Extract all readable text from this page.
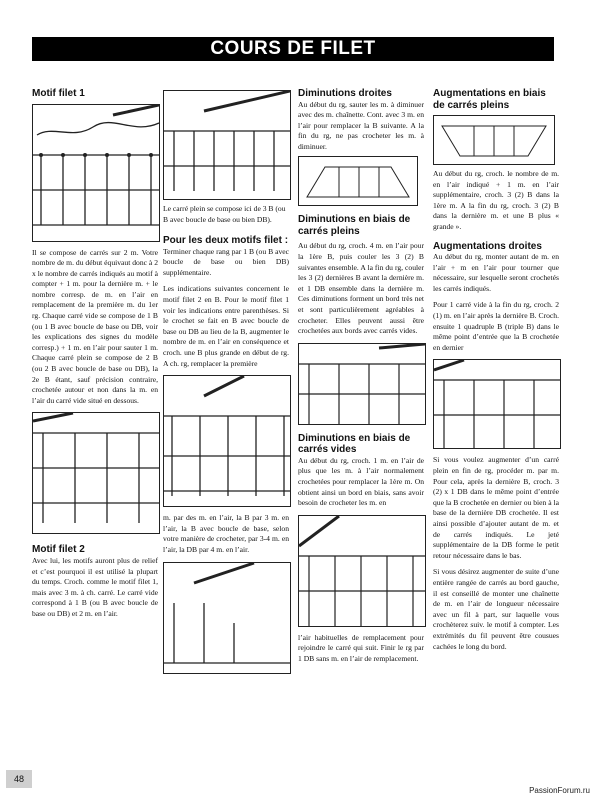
COURS DE FILET
Motif filet 1

Il se compose de carrés sur 2 m. Votre nombre de m. du début équivaut donc à 2 x le nombre de carrés indiqués au motif à compter + 1 m. pour la dernière m. + le nombre corresp. de m. en l’air en remplacement de la première m. du 1er rg. Chaque carré vide se compose de 1 B (ou 1 B avec boucle de base ou DB, voir les explications des signes du modèle corresp.) + 1 m. en l’air pour sauter 1 m. Chaque carré plein se compose de 2 B (ou 2 B avec boucle de base ou DB), la 2e B étant, sauf précision contraire, crochetée autour et non dans la m. en l’air du carré vide situé en dessous.

Motif filet 2

Avec lui, les motifs auront plus de relief et c’est pourquoi il est utilisé la plupart du temps. Croch. comme le motif filet 1, mais avec 3 m. à ch. carré. Le carré vide correspond à 1 B (ou B avec boucle de base ou DB) et 2 m. en l’air.

Le carré plein se compose ici de 3 B (ou B avec boucle de base ou bien DB).

Pour les deux motifs filet :

Terminer chaque rang par 1 B (ou B avec boucle de base ou bien DB) supplémentaire.

Les indications suivantes concernent le motif filet 2 en B. Pour le motif filet 1 voir les indications entre parenthèses. Si le crochet se fait en B avec boucle de base ou DB au lieu de la B, augmenter le nombre de m. en l’air en conséquence et croch. une B plus grande en début de rg. A ch. rg, remplacer la première

m. par des m. en l’air, la B par 3 m. en l’air, la B avec boucle de base, selon votre manière de crocheter, par 3-4 m. en l’air, la DB par 4 m. en l’air.

Diminutions droites

Au début du rg, sauter les m. à diminuer avec des m. chaînette. Cont. avec 3 m. en l’air pour remplacer la B suivante. A la fin du rg, ne pas crocheter les m. à diminuer.

Diminutions en biais de carrés pleins

Au début du rg, croch. 4 m. en l’air pour la 1ère B, puis couler les 3 (2) B suivantes ensemble. A la fin du rg, couler les 3 (2) dernières B avant la dernière m. et 1 DB ensemble dans la dernière m. Ces diminutions forment un bord très net et sont particulièrement agréables à crocheter. Elles peuvent aussi être crochetées aux bords avec carrés vides.

Diminutions en biais de carrés vides

Au début du rg, croch. 1 m. en l’air de plus que les m. à l’air normalement crochetées pour remplacer la 1ère m. On obtient ainsi un bord en biais, sans avoir besoin de crocheter les m. en

l’air habituelles de remplacement pour rejoindre le carré qui suit. Finir le rg par 1 DB sans m. en l’air de remplacement.

Augmentations en biais de carrés pleins

Au début du rg, croch. le nombre de m. en l’air indiqué + 1 m. en l’air supplémentaire, croch. 3 (2) B dans la 1ère m. A la fin du rg, croch. 3 (2) B dans la dernière m. et une B plus « grande ».

Augmentations droites

Au début du rg, monter autant de m. en l’air + m en l’air pour tourner que nécessaire, sur lesquelle seront crochetés les carrés indiqués.

Pour 1 carré vide à la fin du rg, croch. 2 (1) m. en l’air après la dernière B. Croch. ensuite 1 quadruple B (triple B) dans le même point d’entrée que la B crochetée en dernier

Si vous voulez augmenter d’un carré plein en fin de rg, procéder m. par m. Pour cela, après la dernière B, croch. 3 (2) x 1 DB dans le même point d’entrée que la B crochetée en dernier ou bien à la base de la dernière DB crochetée. Il est ainsi possible d’ajouter autant de m. et de carrés indiqués. Le jeté supplémentaire de la DB forme le petit retour nécessaire dans le bas.

Si vous désirez augmenter de suite d’une entière rangée de carrés au bord gauche, il est conseillé de monter une chaînette de m. en l’air de longueur nécessaire avec un fil à part, sur laquelle vous crochèterez suiv. le motif à compter. Les extrémités du fil peuvent être cousues cachées le long du bord.

48
PassionForum.ru
